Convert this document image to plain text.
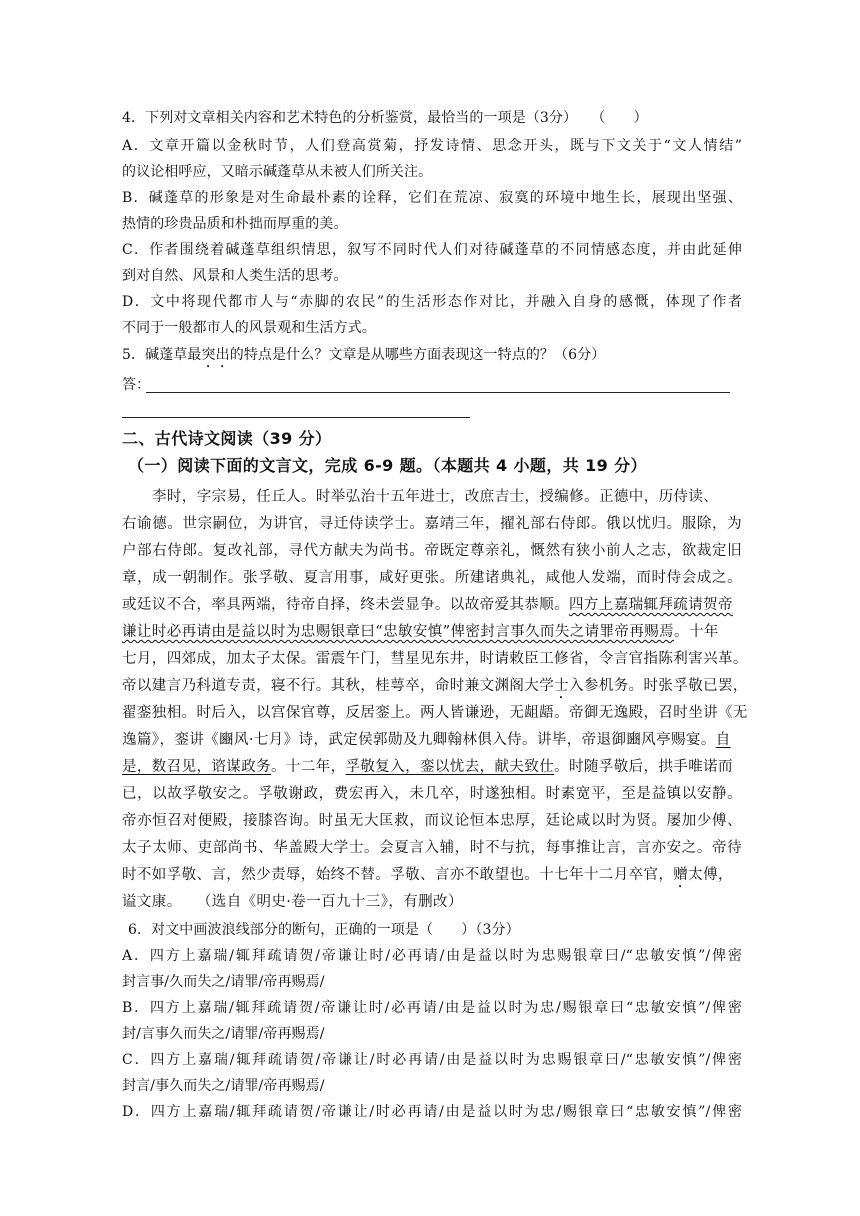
4．下列对文章相关内容和艺术特色的分析鉴赏，最恰当的一项是（3分）　　（　　）
A．文章开篇以金秋时节，人们登高赏菊，抒发诗情、思念开头，既与下文关于“文人情结”
的议论相呼应，又暗示碱蓬草从未被人们所关注。
B．碱蓬草的形象是对生命最朴素的诠释，它们在荒凉、寂寞的环境中地生长，展现出坚强、
热情的珍贵品质和朴拙而厚重的美。
C．作者围绕着碱蓬草组织情思，叙写不同时代人们对待碱蓬草的不同情感态度，并由此延伸
到对自然、风景和人类生活的思考。
D．文中将现代都市人与“赤脚的农民”的生活形态作对比，并融入自身的感慨，体现了作者
不同于一般都市人的风景观和生活方式。
5．碱蓬草最突出的特点是什么？文章是从哪些方面表现这一特点的？（6分）
答：
二、古代诗文阅读（39 分）
（一）阅读下面的文言文，完成 6-9 题。（本题共 4 小题，共 19 分）
李时，字宗易，任丘人。时举弘治十五年进士，改庶吉士，授编修。正德中，历侍读、
右谕德。世宗嗣位，为讲官，寻迁侍读学士。嘉靖三年，擢礼部右侍郎。俄以忧归。服除，为
户部右侍郎。复改礼部，寻代方献夫为尚书。帝既定尊亲礼，慨然有狭小前人之志，欲裁定旧
章，成一朝制作。张孚敬、夏言用事，咸好更张。所建诸典礼，咸他人发端，而时侍会成之。
或廷议不合，率具两端，待帝自择，终未尝显争。以故帝爱其恭顺。四方上嘉瑞辄拜疏请贺帝
谦让时必再请由是益以时为忠赐银章曰“忠敏安慎”俾密封言事久而失之请罪帝再赐焉。十年
七月，四郊成，加太子太保。雷震午门，彗星见东井，时请敕臣工修省，令言官指陈利害兴革。
帝以建言乃科道专责，寝不行。其秋，桂萼卒，命时兼文渊阁大学士入参机务。时张孚敬已罢，
翟銮独相。时后入，以宫保官尊，反居銮上。两人皆谦逊，无龃龉。帝御无逸殿，召时坐讲《无
逸篇》，銮讲《豳风·七月》诗，武定侯郭勋及九卿翰林俱入侍。讲毕，帝退御豳风亭赐宴。自
是，数召见，谘谋政务。十二年，孚敬复入，銮以忧去，献夫致仕。时随孚敬后，拱手唯诺而
已，以故孚敬安之。孚敬谢政，费宏再入，未几卒，时遂独相。时素宽平，至是益镇以安静。
帝亦恒召对便殿，接膝咨询。时虽无大匡救，而议论恒本忠厚，廷论咸以时为贤。屡加少傅、
太子太师、吏部尚书、华盖殿大学士。会夏言入辅，时不与抗，每事推让言，言亦安之。帝待
时不如孚敬、言，然少责辱，始终不替。孚敬、言亦不敢望也。十七年十二月卒官，赠太傅，
谥文康。　　（选自《明史·卷一百九十三》，有删改）
6．对文中画波浪线部分的断句，正确的一项是（　　）（3分）
A．四方上嘉瑞/辄拜疏请贺/帝谦让时/必再请/由是益以时为忠赐银章曰/“忠敏安慎”/俾密
封言事/久而失之/请罪/帝再赐焉/
B．四方上嘉瑞/辄拜疏请贺/帝谦让时/必再请/由是益以时为忠/赐银章曰“忠敏安慎”/俾密
封/言事久而失之/请罪/帝再赐焉/
C．四方上嘉瑞/辄拜疏请贺/帝谦让/时必再请/由是益以时为忠赐银章曰/“忠敏安慎”/俾密
封言/事久而失之/请罪/帝再赐焉/
D．四方上嘉瑞/辄拜疏请贺/帝谦让/时必再请/由是益以时为忠/赐银章曰“忠敏安慎”/俾密
